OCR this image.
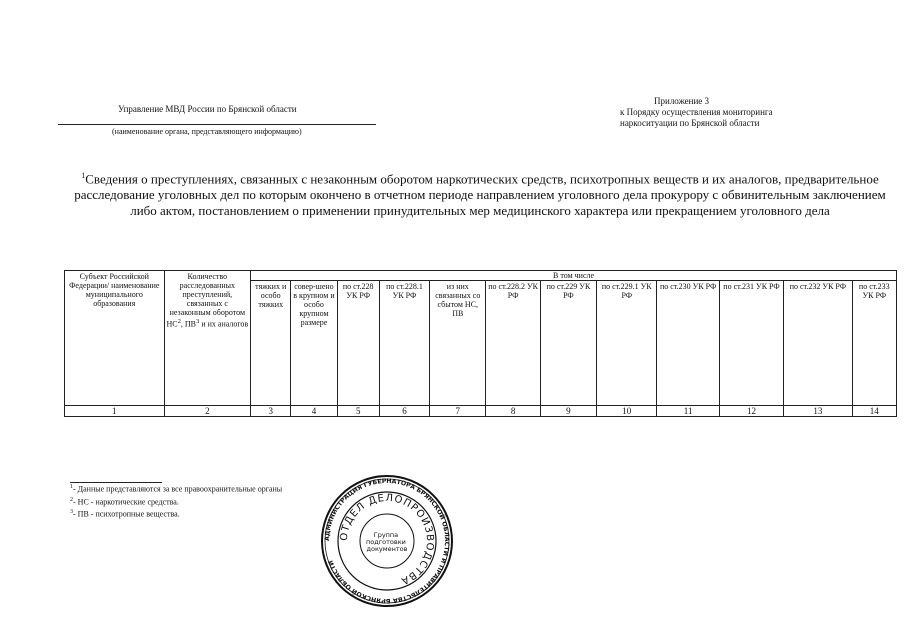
Управление МВД России по Брянской области
(наименование органа, представляющего информацию)
Приложение 3
к Порядку осуществления мониторинга
наркоситуации по Брянской области
$^1$Сведения о преступлениях, связанных с незаконным оборотом наркотических средств, психотропных веществ и их аналогов, предварительное расследование уголовных дел по которым окончено в отчетном периоде направлением уголовного дела прокурору с обвинительным заключением либо актом, постановлением о применении принудительных мер медицинского характера или прекращением уголовного дела
Субъект Российской Федерации/ наименование муниципального образования	Количество расследованных преступлений, связанных с незаконным оборотом $НС^2$, $ПВ^3$ и их аналогов	В том числе											
		тяжких и особо тяжких	совер-шено в крупном и особо крупном размере	по ст.228 УК РФ	по ст.228.1 УК РФ	из них связанных со сбытом НС, ПВ	по ст.228.2 УК РФ	по ст.229 УК РФ	по ст.229.1 УК РФ	по ст.230 УК РФ	по ст.231 УК РФ	по ст.232 УК РФ	по ст.233 УК РФ
1	2	3	4	5	6	7	8	9	10	11	12	13	14
$^1$- Данные представляются за все правоохранительные органы
$^2$- НС - наркотические средства.
$^3$- ПВ - психотропные вещества.
АДМИНИСТРАЦИЯ ГУБЕРНАТОРА БРЯНСКОЙ ОБЛАСТИ И ПРАВИТЕЛЬСТВА БРЯНСКОЙ ОБЛАСТИ
ОТДЕЛ ДЕЛОПРОИЗВОДСТВА
Группа подготовки документов
